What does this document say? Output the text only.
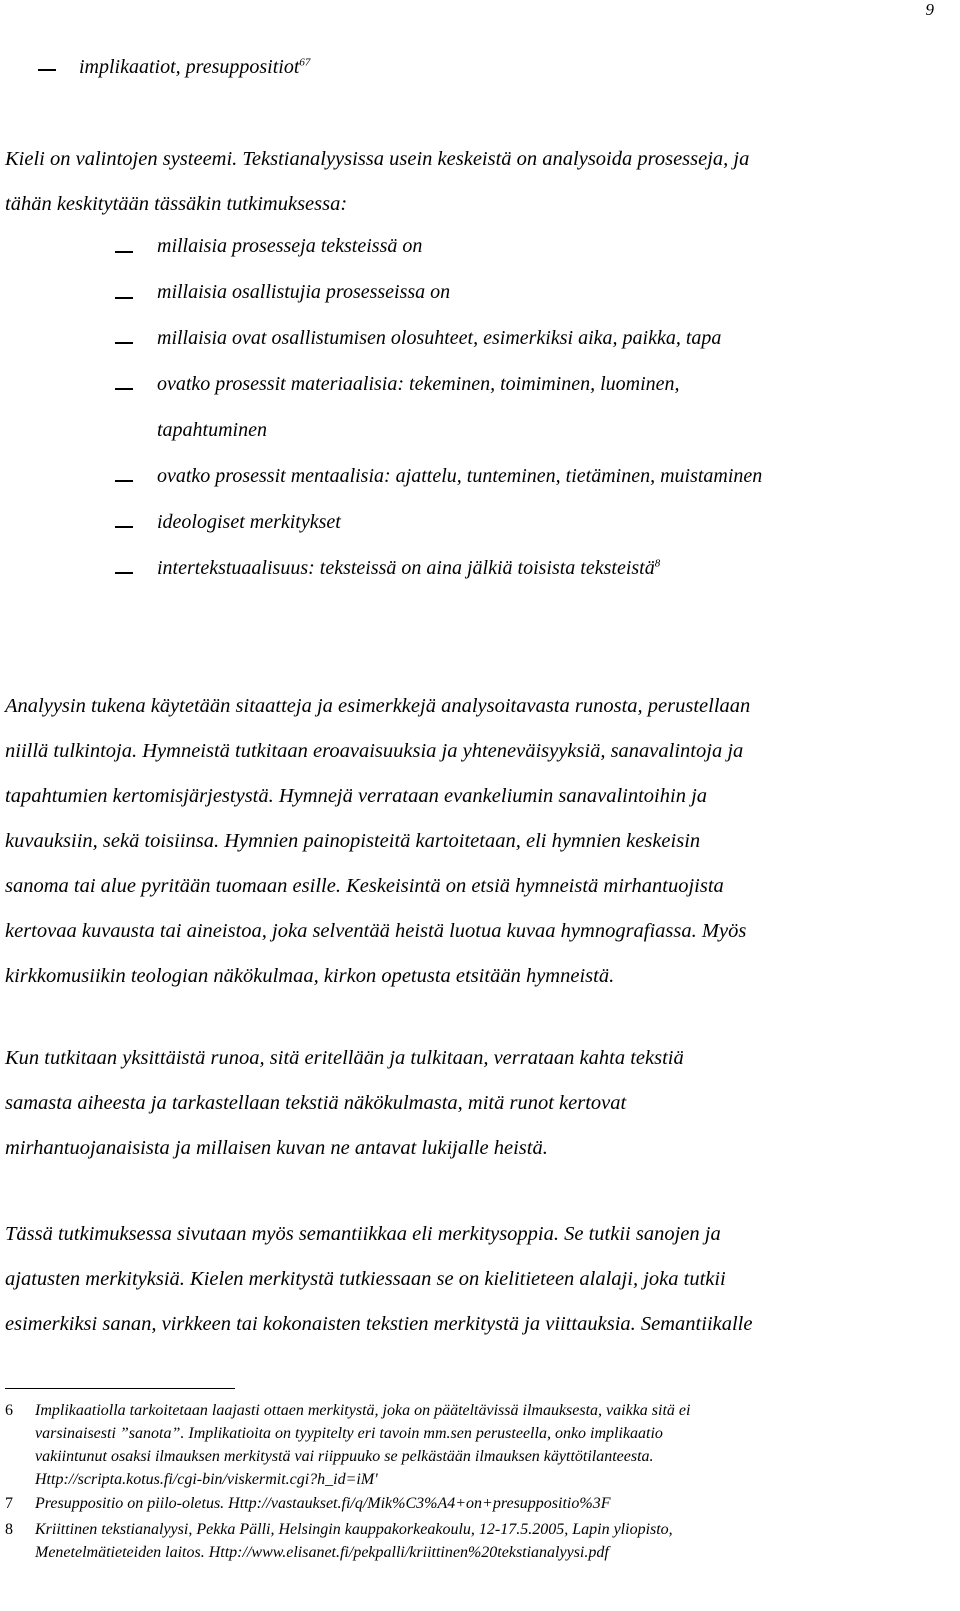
9
implikaatiot, presuppositiot$^{67}$
Kieli on valintojen systeemi. Tekstianalyysissa usein keskeistä on analysoida prosesseja, ja
tähän keskitytään tässäkin tutkimuksessa:
millaisia prosesseja teksteissä on
millaisia osallistujia prosesseissa on
millaisia ovat osallistumisen olosuhteet, esimerkiksi aika, paikka, tapa
ovatko prosessit materiaalisia: tekeminen, toimiminen, luominen,
tapahtuminen
ovatko prosessit mentaalisia: ajattelu, tunteminen, tietäminen, muistaminen
ideologiset merkitykset
intertekstuaalisuus: teksteissä on aina jälkiä toisista teksteistä$^8$
Analyysin tukena käytetään sitaatteja ja esimerkkejä analysoitavasta runosta, perustellaan
niillä tulkintoja. Hymneistä tutkitaan eroavaisuuksia ja yhteneväisyyksiä, sanavalintoja ja
tapahtumien kertomisjärjestystä. Hymnejä verrataan evankeliumin sanavalintoihin ja
kuvauksiin, sekä toisiinsa. Hymnien painopisteitä kartoitetaan, eli hymnien keskeisin
sanoma tai alue pyritään tuomaan esille. Keskeisintä on etsiä hymneistä mirhantuojista
kertovaa kuvausta tai aineistoa, joka selventää heistä luotua kuvaa hymnografiassa. Myös
kirkkomusiikin teologian näkökulmaa, kirkon opetusta etsitään hymneistä.
Kun tutkitaan yksittäistä runoa, sitä eritellään ja tulkitaan, verrataan kahta tekstiä
samasta aiheesta ja tarkastellaan tekstiä näkökulmasta, mitä runot kertovat
mirhantuojanaisista ja millaisen kuvan ne antavat lukijalle heistä.
Tässä tutkimuksessa sivutaan myös semantiikkaa eli merkitysoppia. Se tutkii sanojen ja
ajatusten merkityksiä. Kielen merkitystä tutkiessaan se on kielitieteen alalaji, joka tutkii
esimerkiksi sanan, virkkeen tai kokonaisten tekstien merkitystä ja viittauksia. Semantiikalle
6 Implikaatiolla tarkoitetaan laajasti ottaen merkitystä, joka on pääteltävissä ilmauksesta, vaikka sitä ei
varsinaisesti ”sanota”. Implikatioita on tyypitelty eri tavoin mm.sen perusteella, onko implikaatio
vakiintunut osaksi ilmauksen merkitystä vai riippuuko se pelkästään ilmauksen käyttötilanteesta.
Http://scripta.kotus.fi/cgi-bin/viskermit.cgi?h_id=iM'
7 Presuppositio on piilo-oletus. Http://vastaukset.fi/q/Mik%C3%A4+on+presuppositio%3F
8 Kriittinen tekstianalyysi, Pekka Pälli, Helsingin kauppakorkeakoulu, 12-17.5.2005, Lapin yliopisto,
Menetelmätieteiden laitos. Http://www.elisanet.fi/pekpalli/kriittinen%20tekstianalyysi.pdf
